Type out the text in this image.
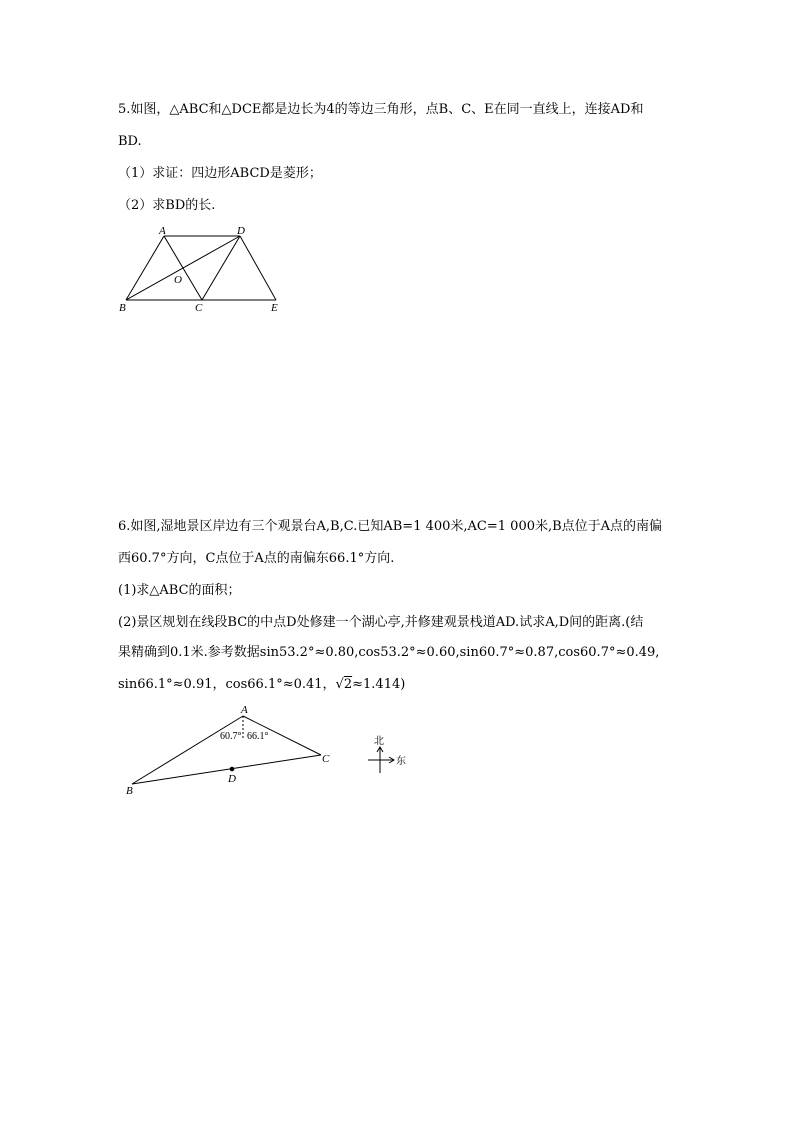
5.如图，△ABC和△DCE都是边长为4的等边三角形，点B、C、E在同一直线上，连接AD和
BD.
（1）求证：四边形ABCD是菱形；
（2）求BD的长.
A	D
O
B	C	E
6.如图,湿地景区岸边有三个观景台A,B,C.已知AB=1 400米,AC=1 000米,B点位于A点的南偏
西60.7°方向，C点位于A点的南偏东66.1°方向.
(1)求△ABC的面积；
(2)景区规划在线段BC的中点D处修建一个湖心亭,并修建观景栈道AD.试求A,D间的距离.(结
果精确到0.1米.参考数据sin53.2°≈0.80,cos53.2°≈0.60,sin60.7°≈0.87,cos60.7°≈0.49,
sin66.1°≈0.91，cos66.1°≈0.41，√2≈1.414)
A
B
C
D
60.7° 66.1°	北
东
